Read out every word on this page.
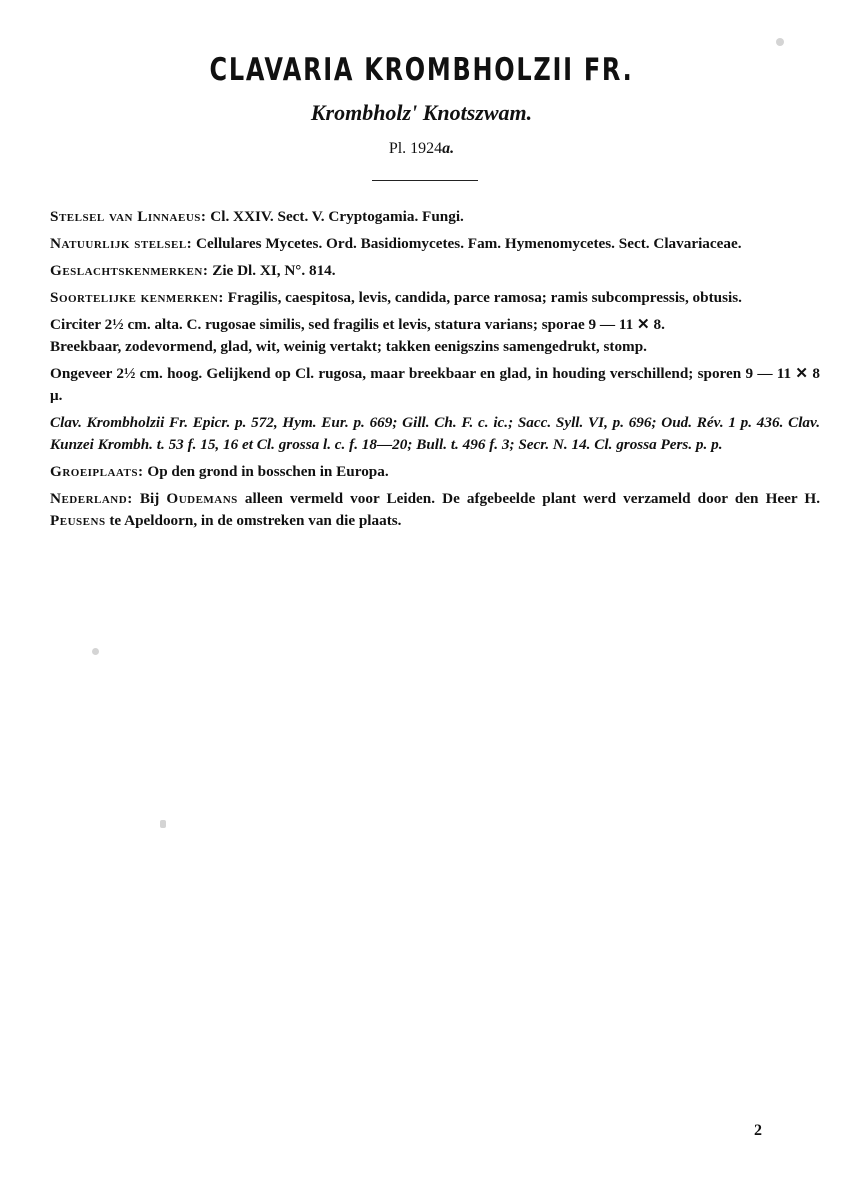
CLAVARIA KROMBHOLZII FR.
Krombholz' Knotszwam.
Pl. 1924a.

Stelsel van Linnaeus: Cl. XXIV. Sect. V. Cryptogamia. Fungi.

Natuurlijk stelsel: Cellulares Mycetes. Ord. Basidiomycetes. Fam. Hymenomycetes. Sect. Clavariaceae.

Geslachtskenmerken: Zie Dl. XI, N°. 814.

Soortelijke kenmerken: Fragilis, caespitosa, levis, candida, parce ramosa; ramis subcompressis, obtusis.

Circiter 2½ cm. alta. C. rugosae similis, sed fragilis et levis, statura varians; sporae 9 — 11 ✕ 8.

Breekbaar, zodevormend, glad, wit, weinig vertakt; takken eenigszins samengedrukt, stomp.

Ongeveer 2½ cm. hoog. Gelijkend op Cl. rugosa, maar breekbaar en glad, in houding verschillend; sporen 9 — 11 ✕ 8 μ.

Clav. Krombholzii Fr. Epicr. p. 572, Hym. Eur. p. 669; Gill. Ch. F. c. ic.; Sacc. Syll. VI, p. 696; Oud. Rév. 1 p. 436. Clav. Kunzei Krombh. t. 53 f. 15, 16 et Cl. grossa l. c. f. 18—20; Bull. t. 496 f. 3; Secr. N. 14. Cl. grossa Pers. p. p.

Groeiplaats: Op den grond in bosschen in Europa.

Nederland: Bij Oudemans alleen vermeld voor Leiden. De afgebeelde plant werd verzameld door den Heer H. Peusens te Apeldoorn, in de omstreken van die plaats.

2
